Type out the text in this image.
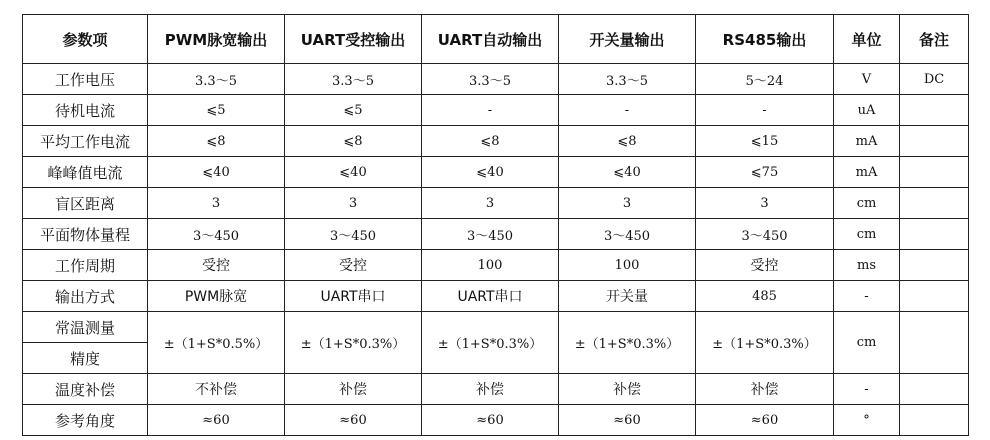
参数项	PWM脉宽输出	UART受控输出	UART自动输出	开关量输出	RS485输出	单位	备注
工作电压	3.3～5	3.3～5	3.3～5	3.3～5	5～24	V	DC
待机电流	⩽5	⩽5	-	-	-	uA	
平均工作电流	⩽8	⩽8	⩽8	⩽8	⩽15	mA	
峰峰值电流	⩽40	⩽40	⩽40	⩽40	⩽75	mA	
盲区距离	3	3	3	3	3	cm	
平面物体量程	3～450	3～450	3～450	3～450	3～450	cm	
工作周期	受控	受控	100	100	受控	ms	
输出方式	PWM脉宽	UART串口	UART串口	开关量	485	-	
常温测量	±（1+S*0.5%）	±（1+S*0.3%）	±（1+S*0.3%）	±（1+S*0.3%）	±（1+S*0.3%）	cm	
精度							
温度补偿	不补偿	补偿	补偿	补偿	补偿	-	
参考角度	≈60	≈60	≈60	≈60	≈60	°	
